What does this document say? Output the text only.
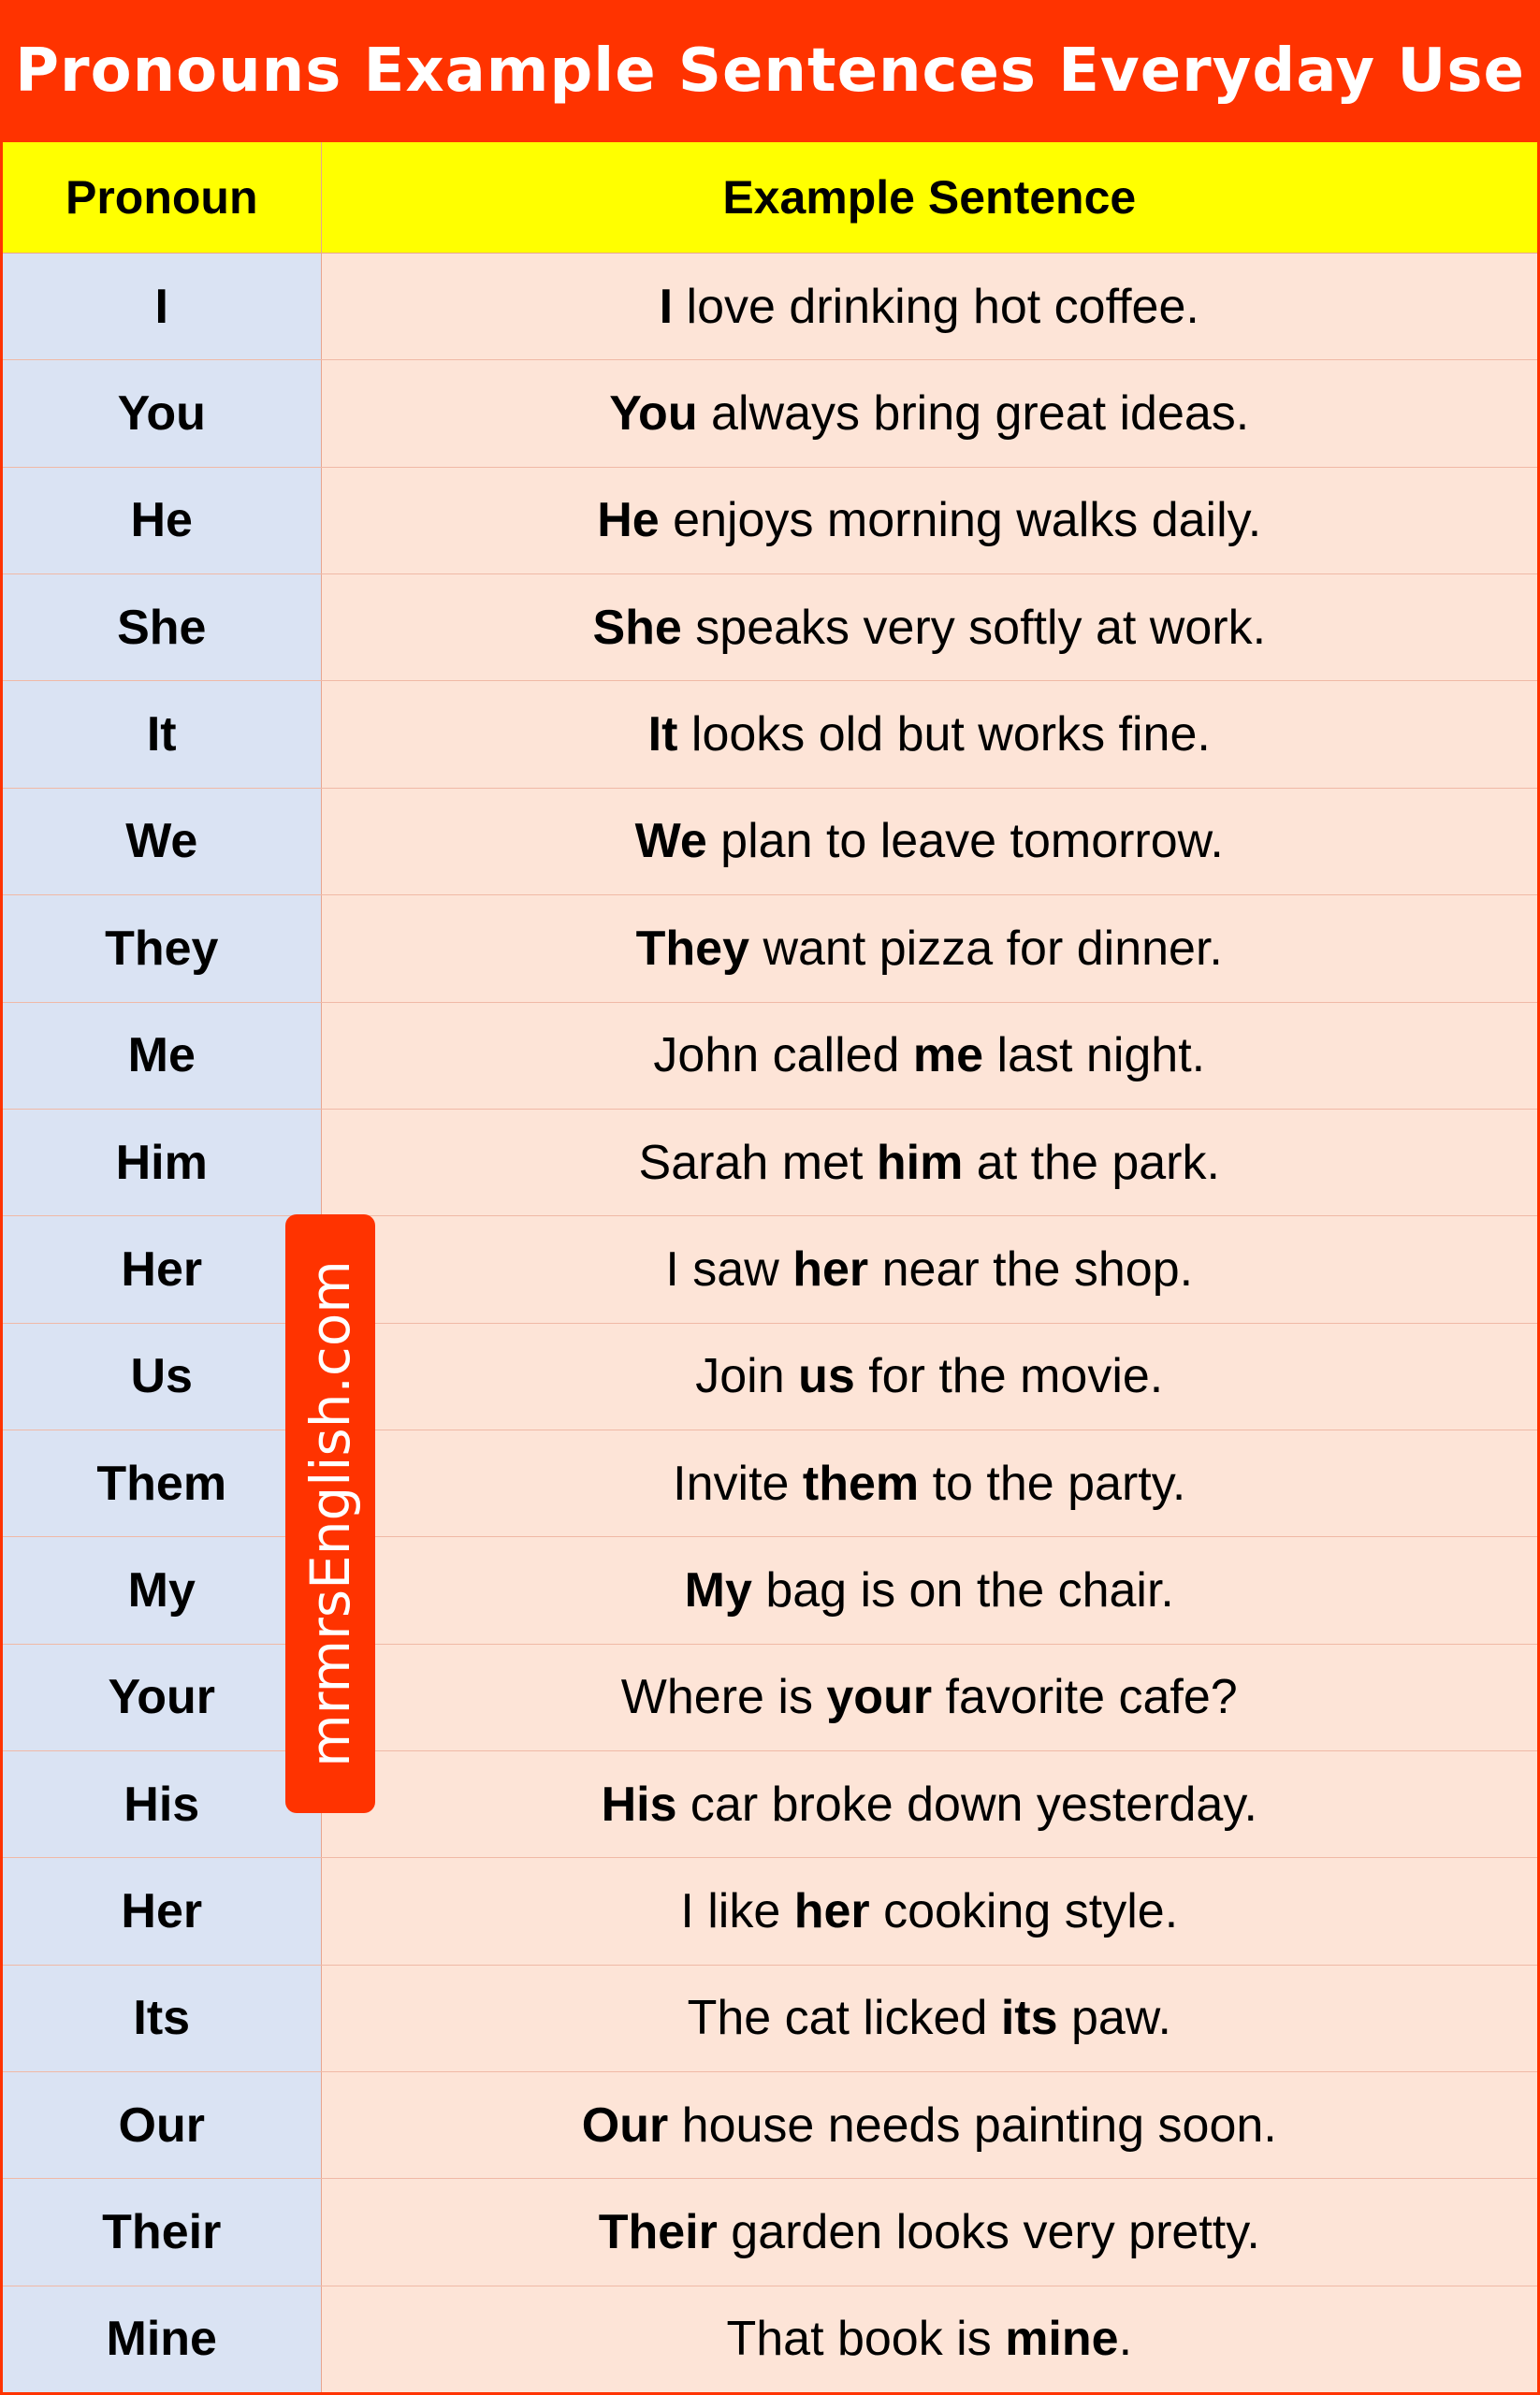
Pronouns Example Sentences Everyday Use
Pronoun	Example Sentence
I	I love drinking hot coffee.
You	You always bring great ideas.
He	He enjoys morning walks daily.
She	She speaks very softly at work.
It	It looks old but works fine.
We	We plan to leave tomorrow.
They	They want pizza for dinner.
Me	John called me last night.
Him	Sarah met him at the park.
Her	I saw her near the shop.
Us	Join us for the movie.
Them	Invite them to the party.
My	My bag is on the chair.
Your	Where is your favorite cafe?
His	His car broke down yesterday.
Her	I like her cooking style.
Its	The cat licked its paw.
Our	Our house needs painting soon.
Their	Their garden looks very pretty.
Mine	That book is mine.
mrmrsEnglish.com
